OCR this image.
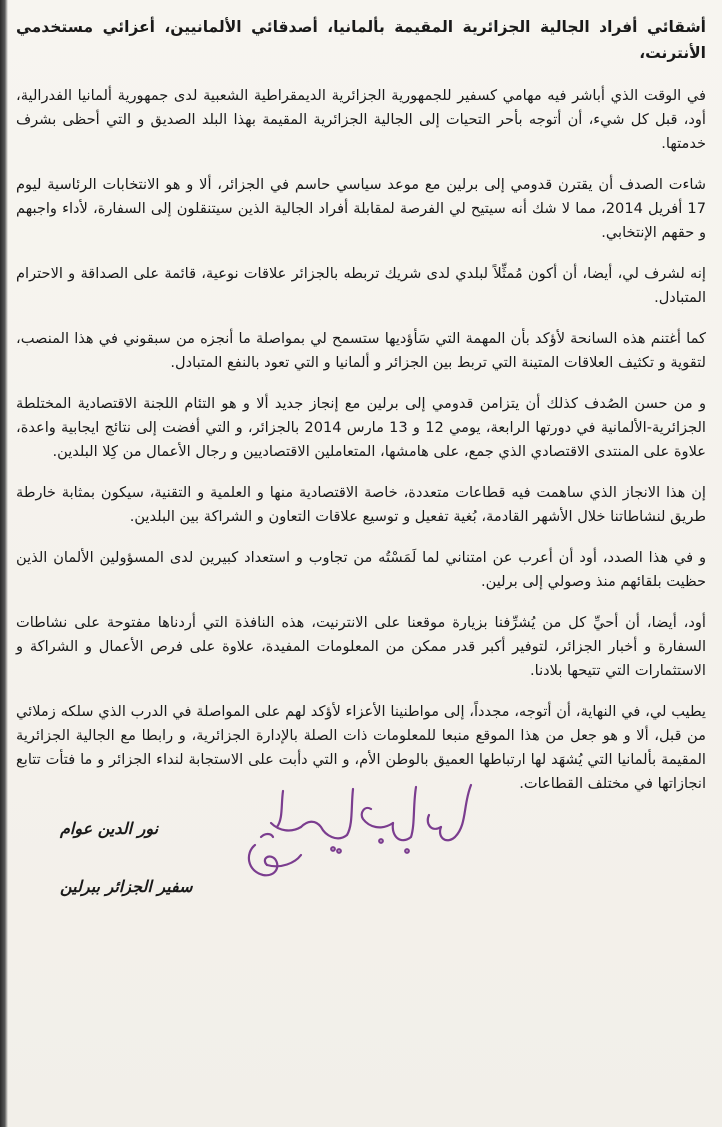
أشقائي أفراد الجالية الجزائرية المقيمة بألمانيا، أصدقائي الألمانيين، أعزائي مستخدمي الأنترنت،

في الوقت الذي أباشر فيه مهامي كسفير للجمهورية الجزائرية الديمقراطية الشعبية لدى جمهورية ألمانيا الفدرالية، أود، قبل كل شيء، أن أتوجه بأحر التحيات إلى الجالية الجزائرية المقيمة بهذا البلد الصديق و التي أحظى بشرف خدمتها.

شاءت الصدف أن يقترن قدومي إلى برلين مع موعد سياسي حاسم في الجزائر، ألا و هو الانتخابات الرئاسية ليوم 17 أفريل 2014، مما لا شك أنه سيتيح لي الفرصة لمقابلة أفراد الجالية الذين سيتنقلون إلى السفارة، لأداء واجبهم و حقهم الإنتخابي.

إنه لشرف لي، أيضا، أن أكون مُمثِّلاً لبلدي لدى شريك تربطه بالجزائر علاقات نوعية، قائمة على الصداقة و الاحترام المتبادل.

كما أغتنم هذه السانحة لأؤكد بأن المهمة التي سَأؤديها ستسمح لي بمواصلة ما أنجزه من سبقوني في هذا المنصب، لتقوية و تكثيف العلاقات المتينة التي تربط بين الجزائر و ألمانيا و التي تعود بالنفع المتبادل.

و من حسن الصُدف كذلك أن يتزامن قدومي إلى برلين مع إنجاز جديد ألا و هو التئام اللجنة الاقتصادية المختلطة الجزائرية-الألمانية في دورتها الرابعة، يومي 12 و 13 مارس 2014 بالجزائر، و التي أفضت إلى نتائج ايجابية واعدة، علاوة على المنتدى الاقتصادي الذي جمع، على هامشها، المتعاملين الاقتصاديين و رجال الأعمال من كِلا البلدين.

إن هذا الانجاز الذي ساهمت فيه قطاعات متعددة، خاصة الاقتصادية منها و العلمية و التقنية، سيكون بمثابة خارطة طريق لنشاطاتنا خلال الأشهر القادمة، بُغية تفعيل و توسيع علاقات التعاون و الشراكة بين البلدين.

و في هذا الصدد، أود أن أعرب عن امتناني لما لَمَسْتُه من تجاوب و استعداد كبيرين لدى المسؤولين الألمان الذين حظيت بلقائهم منذ وصولي إلى برلين.

أود، أيضا، أن أحيِّ كل من يُشرِّفنا بزيارة موقعنا على الانترنيت، هذه النافذة التي أردناها مفتوحة على نشاطات السفارة و أخبار الجزائر، لتوفير أكبر قدر ممكن من المعلومات المفيدة، علاوة على فرص الأعمال و الشراكة و الاستثمارات التي تتيحها بلادنا.

يطيب لي، في النهاية، أن أتوجه، مجدداً، إلى مواطنينا الأعزاء لأؤكد لهم على المواصلة في الدرب الذي سلكه زملائي من قبل، ألا و هو جعل من هذا الموقع منبعا للمعلومات ذات الصلة بالإدارة الجزائرية، و رابطا مع الجالية الجزائرية المقيمة بألمانيا التي يُشهَد لها ارتباطها العميق بالوطن الأم، و التي دأبت على الاستجابة لنداء الجزائر و ما فتأت تتابع انجازاتها في مختلف القطاعات.

نور الدين عوام
سفير الجزائر ببرلين
